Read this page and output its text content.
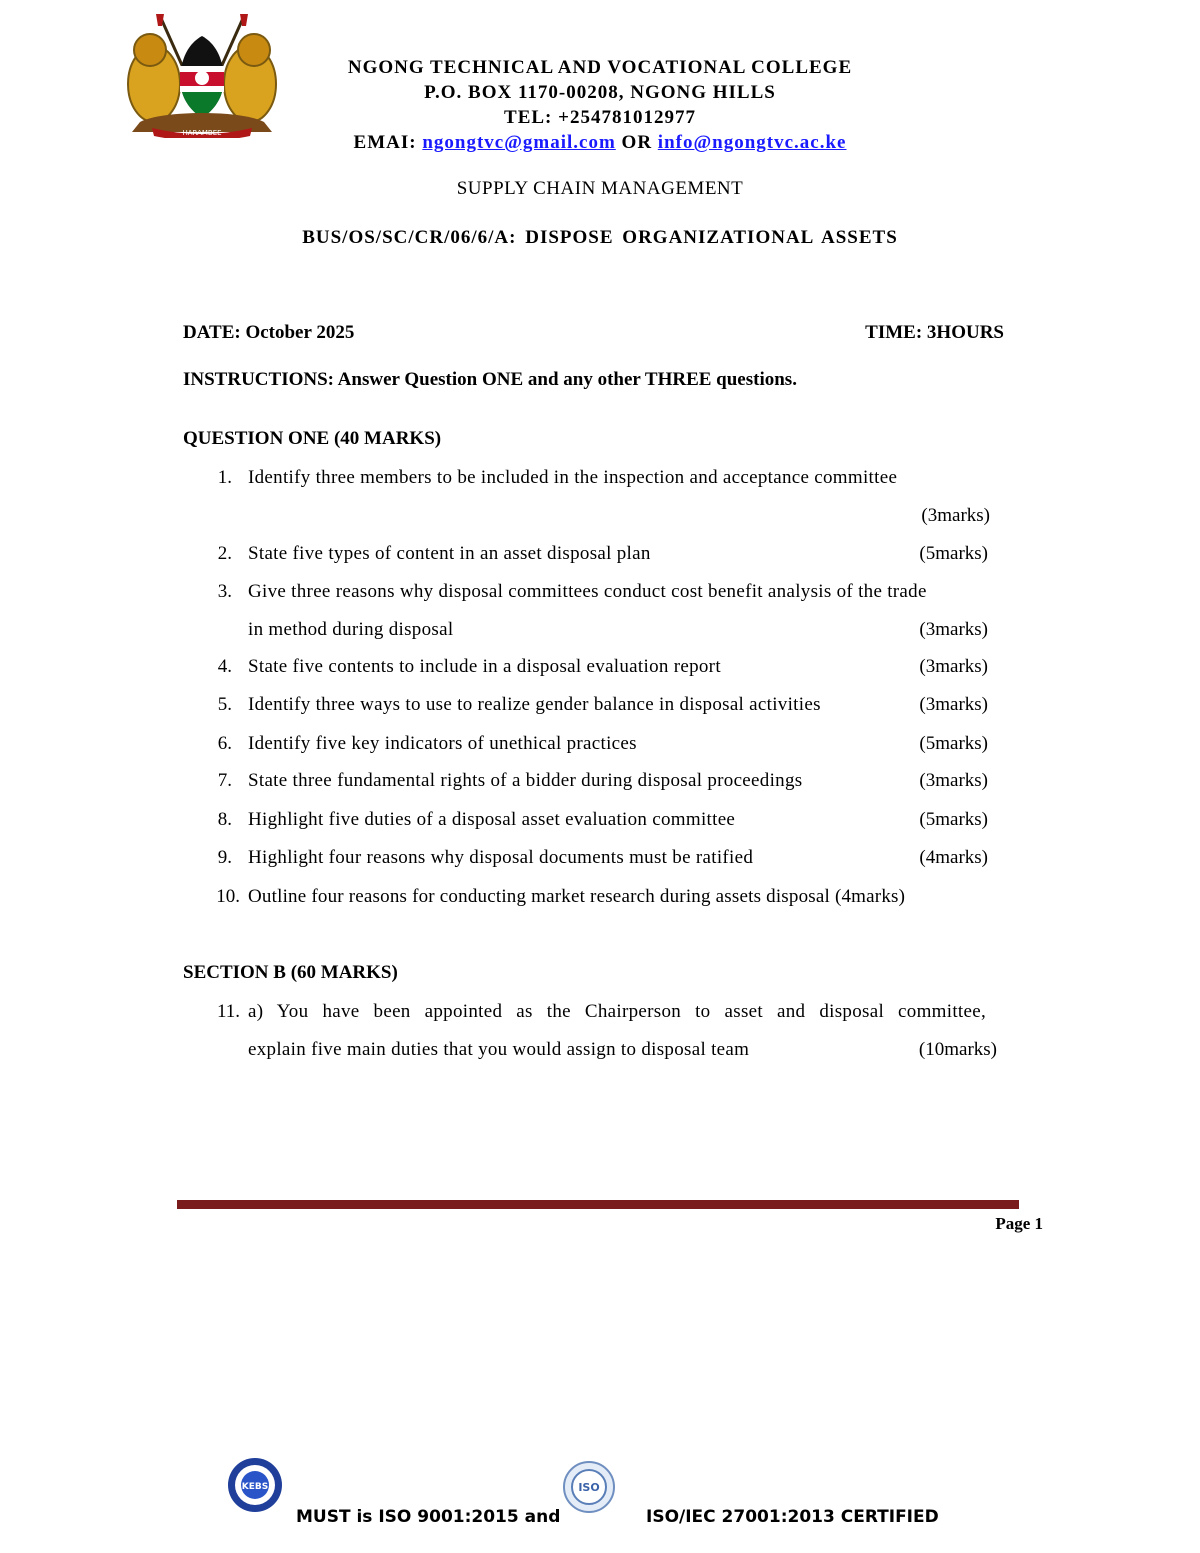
HARAMBEE
NGONG TECHNICAL AND VOCATIONAL COLLEGE
P.O. BOX 1170-00208, NGONG HILLS
TEL: +254781012977
EMAI: ngongtvc@gmail.com OR info@ngongtvc.ac.ke
SUPPLY CHAIN MANAGEMENT
BUS/OS/SC/CR/06/6/A: DISPOSE ORGANIZATIONAL ASSETS
DATE: October 2025	TIME: 3HOURS
INSTRUCTIONS: Answer Question ONE and any other THREE questions.
QUESTION ONE (40 MARKS)
1. Identify three members to be included in the inspection and acceptance committee
(3marks)
2. State five types of content in an asset disposal plan	(5marks)
3. Give three reasons why disposal committees conduct cost benefit analysis of the trade
in method during disposal	(3marks)
4. State five contents to include in a disposal evaluation report	(3marks)
5. Identify three ways to use to realize gender balance in disposal activities	(3marks)
6. Identify five key indicators of unethical practices	(5marks)
7. State three fundamental rights of a bidder during disposal proceedings	(3marks)
8. Highlight five duties of a disposal asset evaluation committee	(5marks)
9. Highlight four reasons why disposal documents must be ratified	(4marks)
10. Outline four reasons for conducting market research during assets disposal (4marks)
SECTION B (60 MARKS)
11. a) You have been appointed as the Chairperson to asset and disposal committee,
explain five main duties that you would assign to disposal team	(10marks)
Page 1
KEBS	ISO
MUST is ISO 9001:2015 and	ISO/IEC 27001:2013 CERTIFIED
